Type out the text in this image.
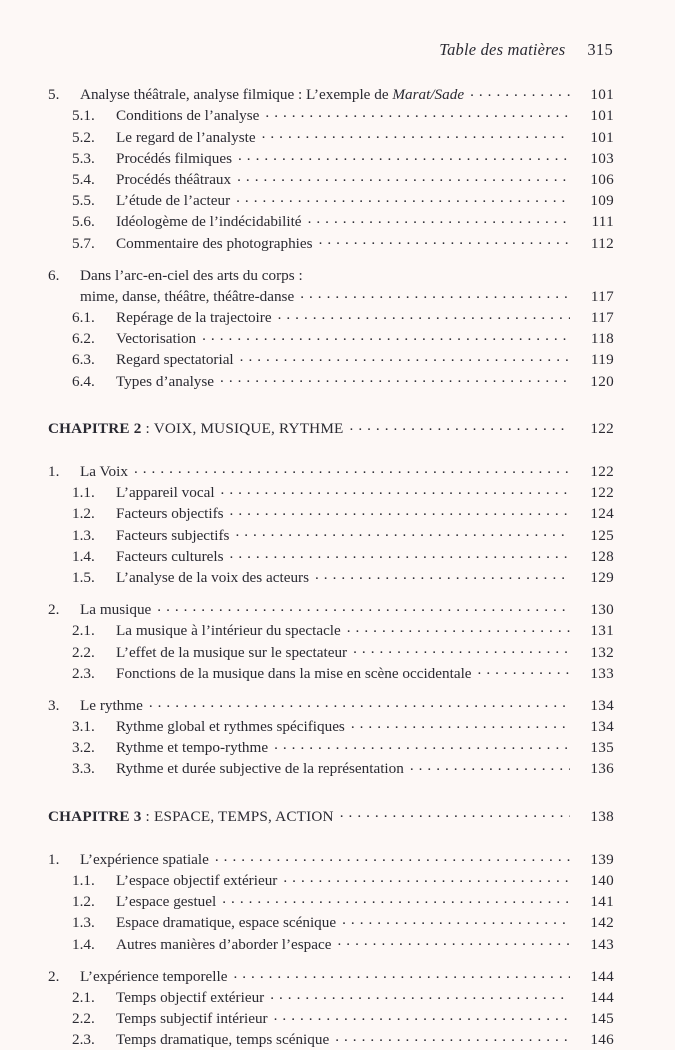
Table des matières 315
5.	Analyse théâtrale, analyse filmique : L’exemple de Marat/Sade . . .	101
5.1.	Conditions de l’analyse . . .	101
5.2.	Le regard de l’analyste . . .	101
5.3.	Procédés filmiques . . .	103
5.4.	Procédés théâtraux . . .	106
5.5.	L’étude de l’acteur . . .	109
5.6.	Idéologème de l’indécidabilité . . .	111
5.7.	Commentaire des photographies . . .	112
6.	Dans l’arc-en-ciel des arts du corps :
mime, danse, théâtre, théâtre-danse . . .	117
6.1.	Repérage de la trajectoire . . .	117
6.2.	Vectorisation . . .	118
6.3.	Regard spectatorial . . .	119
6.4.	Types d’analyse . . .	120
CHAPITRE 2 : VOIX, MUSIQUE, RYTHME . . .	122
1.	La Voix . . .	122
1.1.	L’appareil vocal . . .	122
1.2.	Facteurs objectifs . . .	124
1.3.	Facteurs subjectifs . . .	125
1.4.	Facteurs culturels . . .	128
1.5.	L’analyse de la voix des acteurs . . .	129
2.	La musique . . .	130
2.1.	La musique à l’intérieur du spectacle . . .	131
2.2.	L’effet de la musique sur le spectateur . . .	132
2.3.	Fonctions de la musique dans la mise en scène occidentale . . .	133
3.	Le rythme . . .	134
3.1.	Rythme global et rythmes spécifiques . . .	134
3.2.	Rythme et tempo-rythme . . .	135
3.3.	Rythme et durée subjective de la représentation . . .	136
CHAPITRE 3 : ESPACE, TEMPS, ACTION . . .	138
1.	L’expérience spatiale . . .	139
1.1.	L’espace objectif extérieur . . .	140
1.2.	L’espace gestuel . . .	141
1.3.	Espace dramatique, espace scénique . . .	142
1.4.	Autres manières d’aborder l’espace . . .	143
2.	L’expérience temporelle . . .	144
2.1.	Temps objectif extérieur . . .	144
2.2.	Temps subjectif intérieur . . .	145
2.3.	Temps dramatique, temps scénique . . .	146
